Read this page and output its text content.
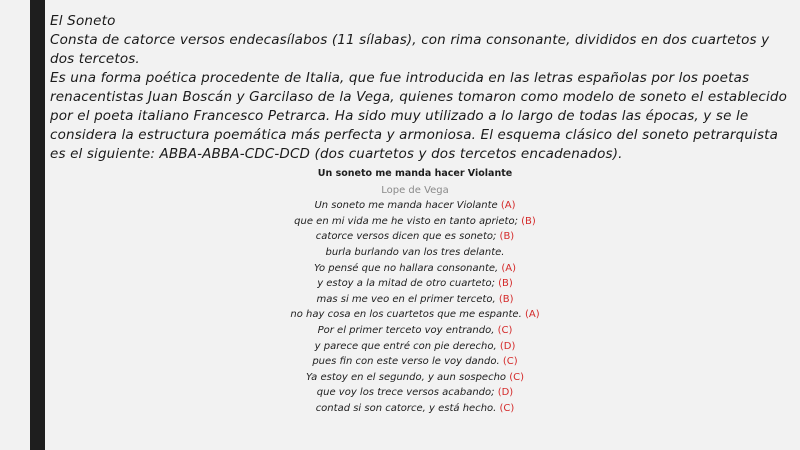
El Soneto

Consta de catorce versos endecasílabos (11 sílabas), con rima consonante, divididos en dos cuartetos y dos tercetos.

Es una forma poética procedente de Italia, que fue introducida en las letras españolas por los poetas renacentistas Juan Boscán y Garcilaso de la Vega, quienes tomaron como modelo de soneto el establecido por el poeta italiano Francesco Petrarca. Ha sido muy utilizado a lo largo de todas las épocas, y se le considera la estructura poemática más perfecta y armoniosa. El esquema clásico del soneto petrarquista es el siguiente: ABBA-ABBA-CDC-DCD (dos cuartetos y dos tercetos encadenados).

Un soneto me manda hacer Violante
Lope de Vega
Un soneto me manda hacer Violante (A)
que en mi vida me he visto en tanto aprieto; (B)
catorce versos dicen que es soneto; (B)
burla burlando van los tres delante.
Yo pensé que no hallara consonante, (A)
y estoy a la mitad de otro cuarteto; (B)
mas si me veo en el primer terceto, (B)
no hay cosa en los cuartetos que me espante. (A)
Por el primer terceto voy entrando, (C)
y parece que entré con pie derecho, (D)
pues fin con este verso le voy dando. (C)
Ya estoy en el segundo, y aun sospecho (C)
que voy los trece versos acabando; (D)
contad si son catorce, y está hecho. (C)
